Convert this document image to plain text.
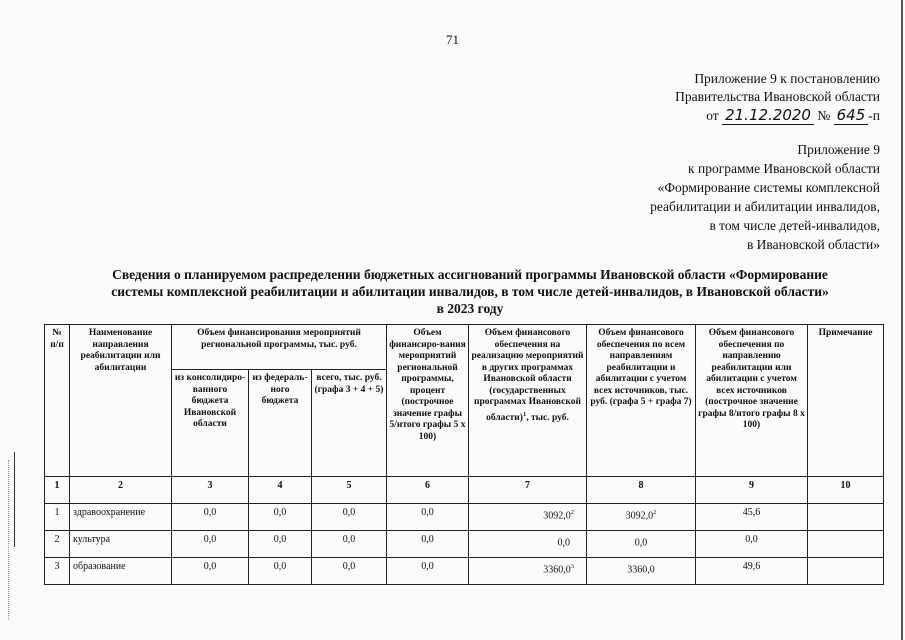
71
Приложение 9 к постановлению
Правительства Ивановской области
от 21.12.2020 № 645 -п
Приложение 9
к программе Ивановской области
«Формирование системы комплексной
реабилитации и абилитации инвалидов,
в том числе детей-инвалидов,
в Ивановской области»
Сведения о планируемом распределении бюджетных ассигнований программы Ивановской области «Формирование
системы комплексной реабилитации и абилитации инвалидов, в том числе детей-инвалидов, в Ивановской области»
в 2023 году
№ п/п	Наименование направления реабилитации или абилитации	Объем финансирования мероприятий региональной программы, тыс. руб.			Объем финансиро-вания мероприятий региональной программы, процент (построчное значение графы 5/итого графы 5 x 100)	Объем финансового обеспечения на реализацию мероприятий в других программах Ивановской области (государственных программах Ивановской области)$^1$, тыс. руб.	Объем финансового обеспечения по всем направлениям реабилитации и абилитации с учетом всех источников, тыс. руб. (графа 5 + графа 7)	Объем финансового обеспечения по направлению реабилитации или абилитации с учетом всех источников (построчное значение графы 8/итого графы 8 x 100)	Примечание
		из консолидиро-ванного бюджета Ивановской области	из федераль-ного бюджета	всего, тыс. руб. (графа 3 + 4 + 5)					
1	2	3	4	5	6	7	8	9	10
1	здравоохранение	0,0	0,0	0,0	0,0	3092,0$^2$	3092,0$^2$	45,6	
2	культура	0,0	0,0	0,0	0,0	0,0	0,0	0,0	
3	образование	0,0	0,0	0,0	0,0	3360,0$^3$	3360,0	49,6	
